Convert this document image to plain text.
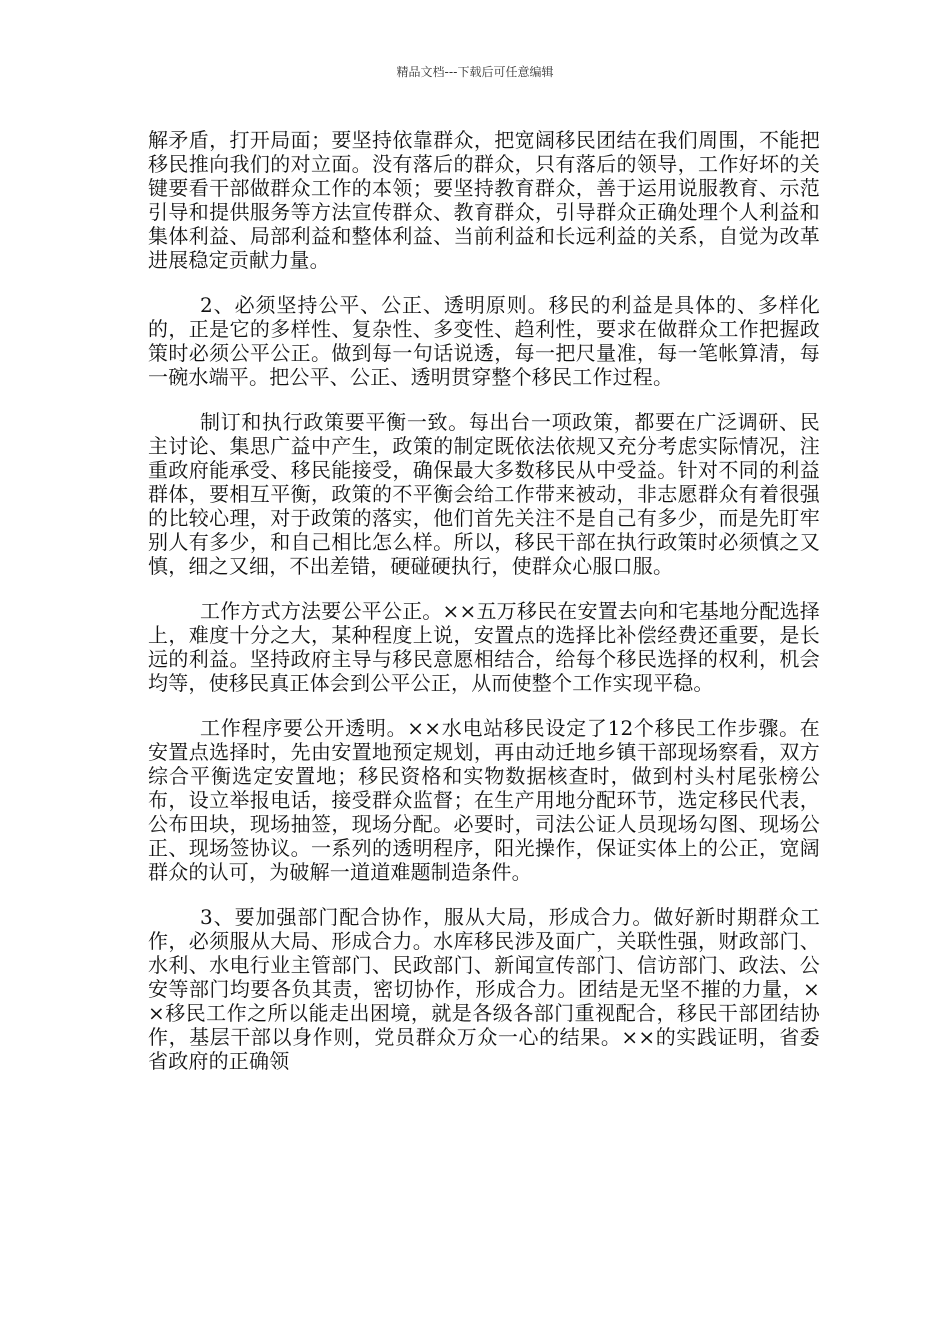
精品文档---下载后可任意编辑

解矛盾，打开局面；要坚持依靠群众，把宽阔移民团结在我们周围，不能把移民推向我们的对立面。没有落后的群众，只有落后的领导，工作好坏的关键要看干部做群众工作的本领；要坚持教育群众，善于运用说服教育、示范引导和提供服务等方法宣传群众、教育群众，引导群众正确处理个人利益和集体利益、局部利益和整体利益、当前利益和长远利益的关系，自觉为改革进展稳定贡献力量。

2、必须坚持公平、公正、透明原则。移民的利益是具体的、多样化的，正是它的多样性、复杂性、多变性、趋利性，要求在做群众工作把握政策时必须公平公正。做到每一句话说透，每一把尺量准，每一笔帐算清，每一碗水端平。把公平、公正、透明贯穿整个移民工作过程。

制订和执行政策要平衡一致。每出台一项政策，都要在广泛调研、民主讨论、集思广益中产生，政策的制定既依法依规又充分考虑实际情况，注重政府能承受、移民能接受，确保最大多数移民从中受益。针对不同的利益群体，要相互平衡，政策的不平衡会给工作带来被动，非志愿群众有着很强的比较心理，对于政策的落实，他们首先关注不是自己有多少，而是先盯牢别人有多少，和自己相比怎么样。所以，移民干部在执行政策时必须慎之又慎，细之又细，不出差错，硬碰硬执行，使群众心服口服。

工作方式方法要公平公正。××五万移民在安置去向和宅基地分配选择上，难度十分之大，某种程度上说，安置点的选择比补偿经费还重要，是长远的利益。坚持政府主导与移民意愿相结合，给每个移民选择的权利，机会均等，使移民真正体会到公平公正，从而使整个工作实现平稳。

工作程序要公开透明。××水电站移民设定了12个移民工作步骤。在安置点选择时，先由安置地预定规划，再由动迁地乡镇干部现场察看，双方综合平衡选定安置地；移民资格和实物数据核查时，做到村头村尾张榜公布，设立举报电话，接受群众监督；在生产用地分配环节，选定移民代表，公布田块，现场抽签，现场分配。必要时，司法公证人员现场勾图、现场公正、现场签协议。一系列的透明程序，阳光操作，保证实体上的公正，宽阔群众的认可，为破解一道道难题制造条件。

3、要加强部门配合协作，服从大局，形成合力。做好新时期群众工作，必须服从大局、形成合力。水库移民涉及面广，关联性强，财政部门、水利、水电行业主管部门、民政部门、新闻宣传部门、信访部门、政法、公安等部门均要各负其责，密切协作，形成合力。团结是无坚不摧的力量，××移民工作之所以能走出困境，就是各级各部门重视配合，移民干部团结协作，基层干部以身作则，党员群众万众一心的结果。××的实践证明，省委省政府的正确领
